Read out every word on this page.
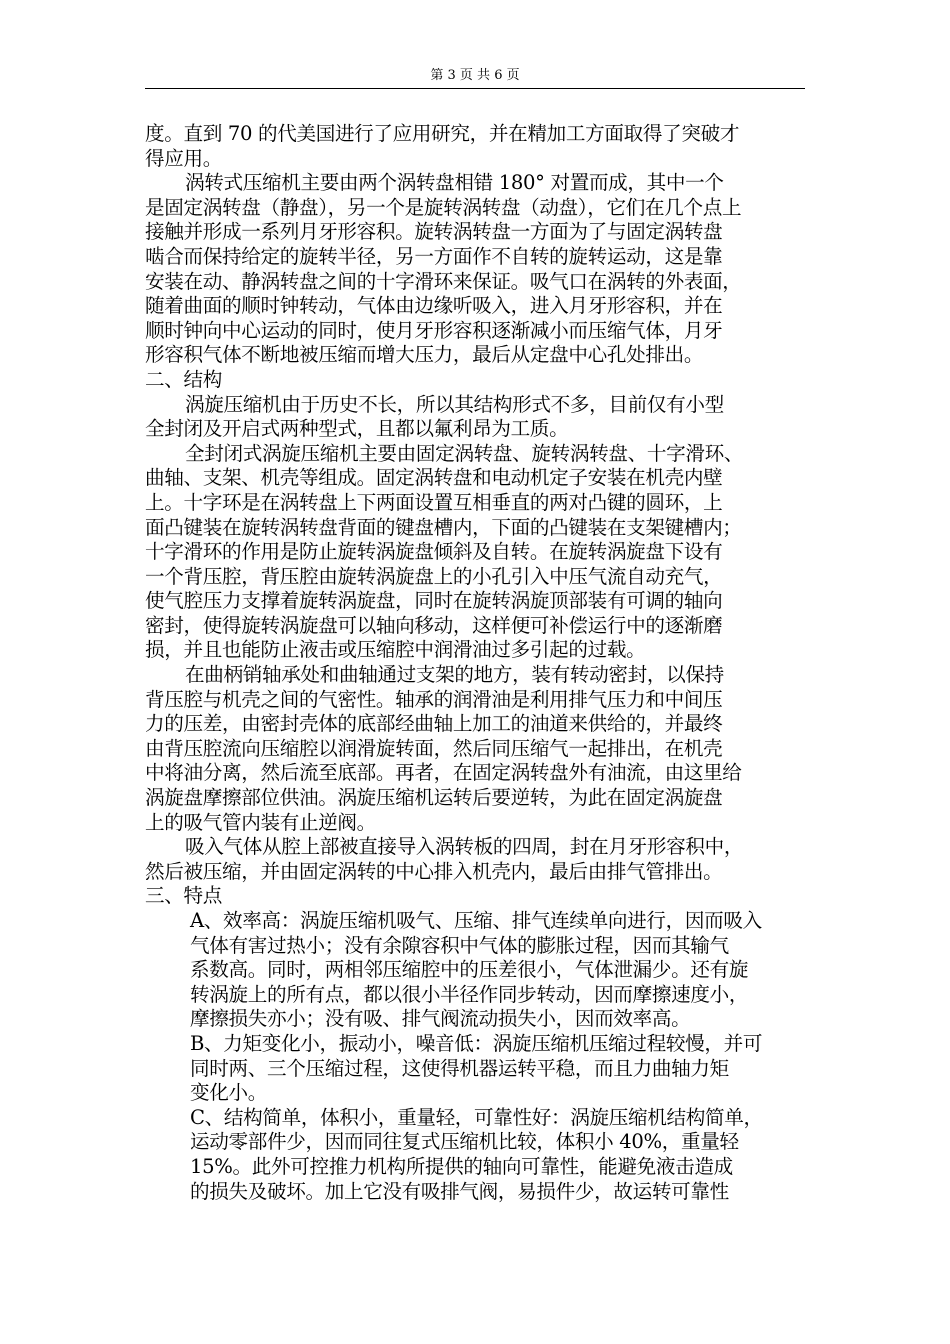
第 3 页 共 6 页
度。直到 70 的代美国进行了应用研究，并在精加工方面取得了突破才
得应用。
涡转式压缩机主要由两个涡转盘相错 180° 对置而成，其中一个
是固定涡转盘（静盘），另一个是旋转涡转盘（动盘），它们在几个点上
接触并形成一系列月牙形容积。旋转涡转盘一方面为了与固定涡转盘
啮合而保持给定的旋转半径，另一方面作不自转的旋转运动，这是靠
安装在动、静涡转盘之间的十字滑环来保证。吸气口在涡转的外表面，
随着曲面的顺时钟转动，气体由边缘听吸入，进入月牙形容积，并在
顺时钟向中心运动的同时，使月牙形容积逐渐减小而压缩气体，月牙
形容积气体不断地被压缩而增大压力，最后从定盘中心孔处排出。
二、结构
涡旋压缩机由于历史不长，所以其结构形式不多，目前仅有小型
全封闭及开启式两种型式，且都以氟利昂为工质。
全封闭式涡旋压缩机主要由固定涡转盘、旋转涡转盘、十字滑环、
曲轴、支架、机壳等组成。固定涡转盘和电动机定子安装在机壳内壁
上。十字环是在涡转盘上下两面设置互相垂直的两对凸键的圆环，上
面凸键装在旋转涡转盘背面的键盘槽内，下面的凸键装在支架键槽内；
十字滑环的作用是防止旋转涡旋盘倾斜及自转。在旋转涡旋盘下设有
一个背压腔，背压腔由旋转涡旋盘上的小孔引入中压气流自动充气，
使气腔压力支撑着旋转涡旋盘，同时在旋转涡旋顶部装有可调的轴向
密封，使得旋转涡旋盘可以轴向移动，这样便可补偿运行中的逐渐磨
损，并且也能防止液击或压缩腔中润滑油过多引起的过载。
在曲柄销轴承处和曲轴通过支架的地方，装有转动密封，以保持
背压腔与机壳之间的气密性。轴承的润滑油是利用排气压力和中间压
力的压差，由密封壳体的底部经曲轴上加工的油道来供给的，并最终
由背压腔流向压缩腔以润滑旋转面，然后同压缩气一起排出，在机壳
中将油分离，然后流至底部。再者，在固定涡转盘外有油流，由这里给
涡旋盘摩擦部位供油。涡旋压缩机运转后要逆转，为此在固定涡旋盘
上的吸气管内装有止逆阀。
吸入气体从腔上部被直接导入涡转板的四周，封在月牙形容积中，
然后被压缩，并由固定涡转的中心排入机壳内，最后由排气管排出。
三、特点
A、效率高：涡旋压缩机吸气、压缩、排气连续单向进行，因而吸入
气体有害过热小；没有余隙容积中气体的膨胀过程，因而其输气
系数高。同时，两相邻压缩腔中的压差很小，气体泄漏少。还有旋
转涡旋上的所有点，都以很小半径作同步转动，因而摩擦速度小，
摩擦损失亦小；没有吸、排气阀流动损失小，因而效率高。
B、力矩变化小，振动小，噪音低：涡旋压缩机压缩过程较慢，并可
同时两、三个压缩过程，这使得机器运转平稳，而且力曲轴力矩
变化小。
C、结构简单，体积小，重量轻，可靠性好：涡旋压缩机结构简单，
运动零部件少，因而同往复式压缩机比较，体积小 40%，重量轻
15%。此外可控推力机构所提供的轴向可靠性，能避免液击造成
的损失及破坏。加上它没有吸排气阀，易损件少，故运转可靠性
